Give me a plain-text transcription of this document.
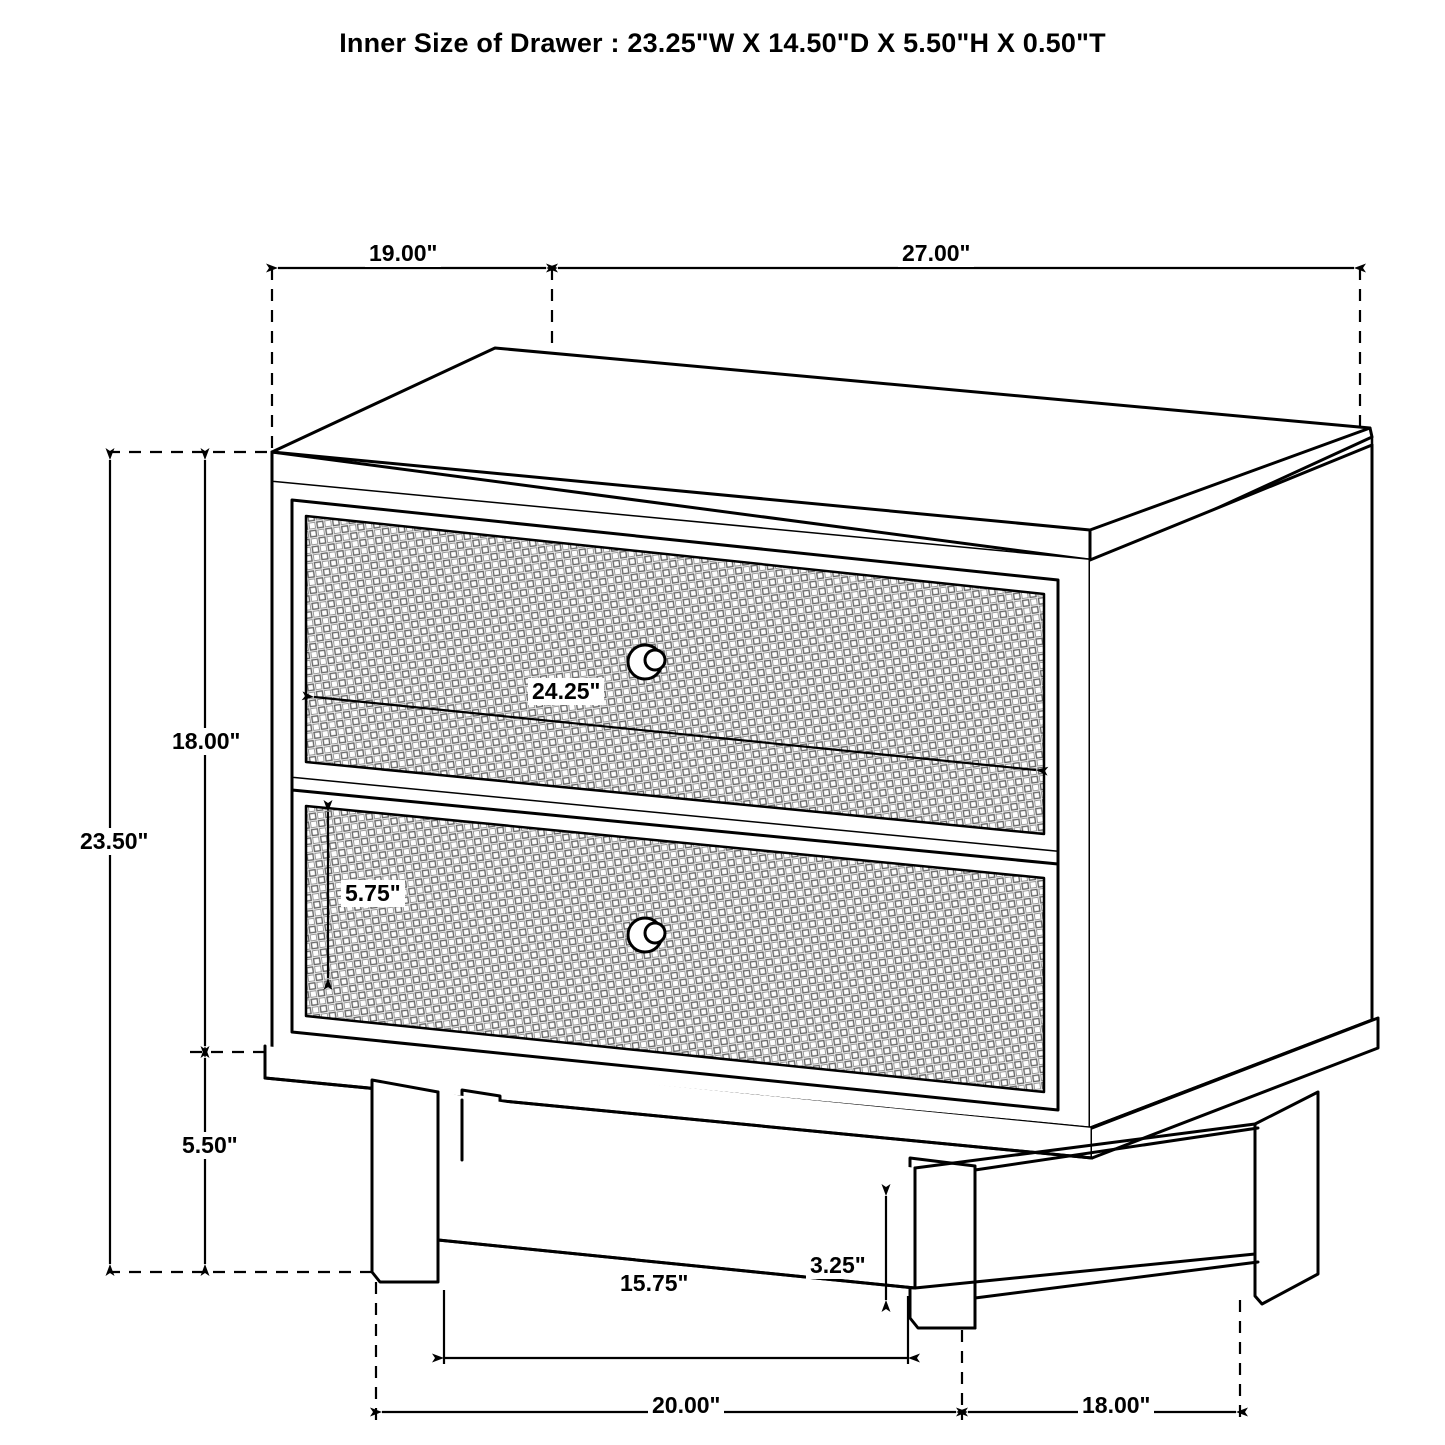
Inner Size of Drawer : 23.25"W X 14.50"D X 5.50"H X 0.50"T
19.00"	27.00"
24.25"
18.00"
23.50"
5.75"
5.50"
3.25"
15.75"
20.00"	18.00"
